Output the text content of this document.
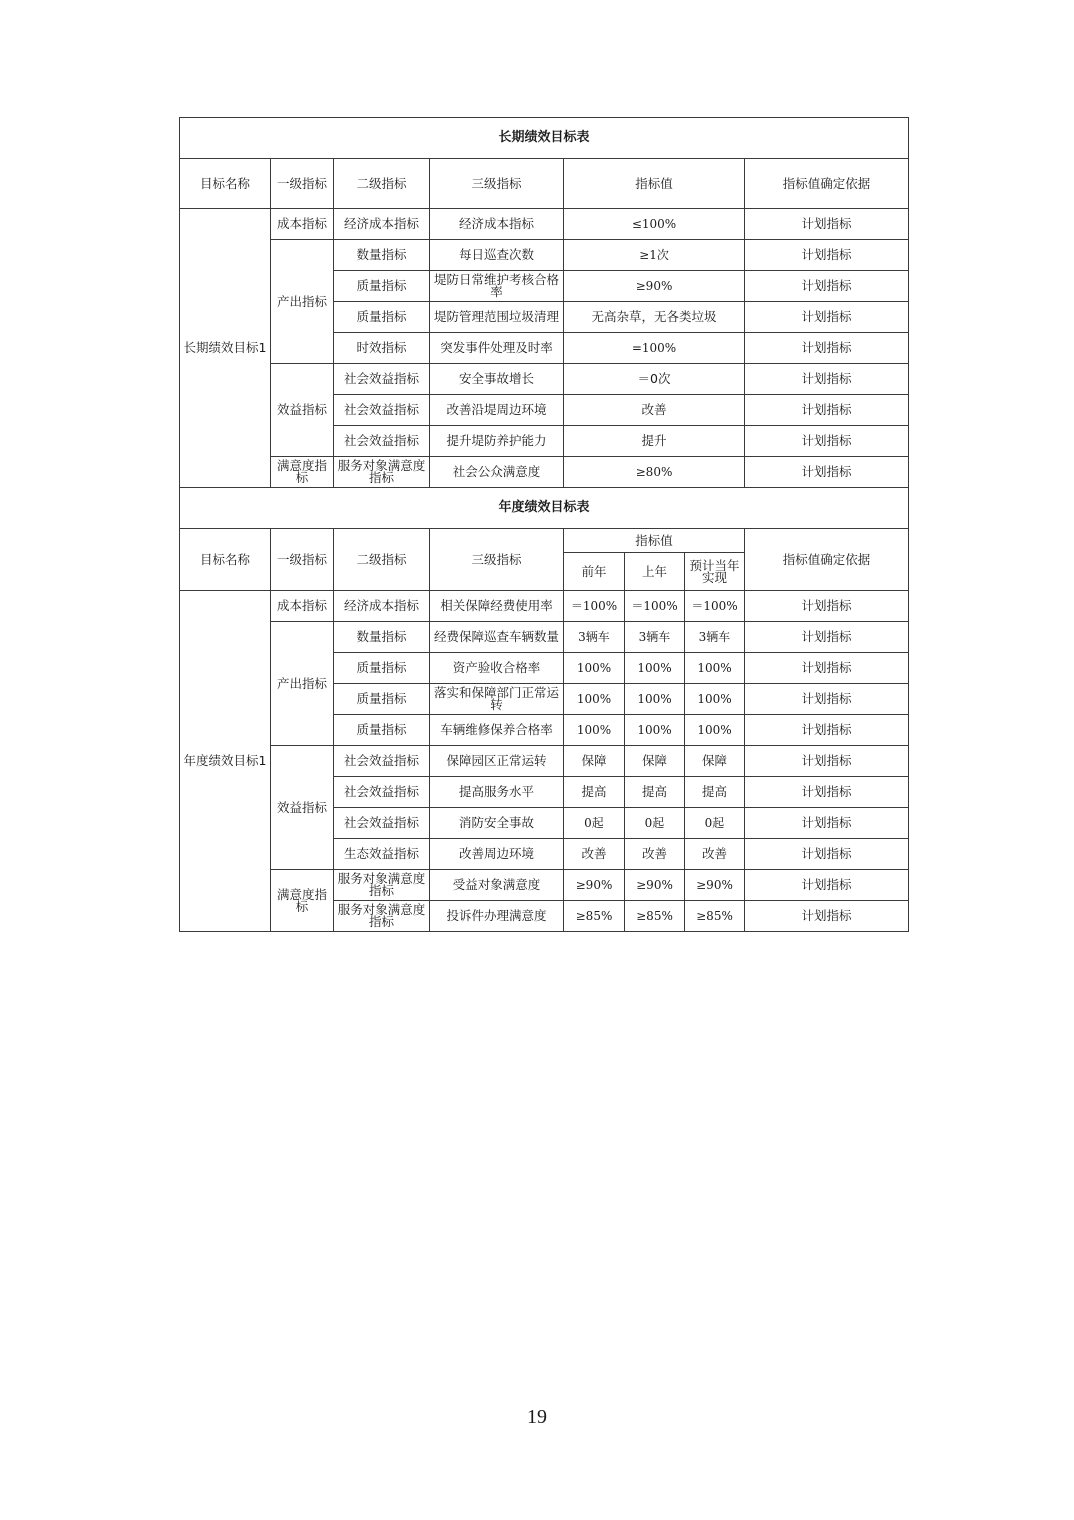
长期绩效目标表							
目标名称	一级指标	二级指标	三级指标	指标值			指标值确定依据
长期绩效目标1	成本指标	经济成本指标	经济成本指标	≤100%			计划指标
	产出指标	数量指标	每日巡查次数	≥1次			计划指标
		质量指标	堤防日常维护考核合格率	≥90%			计划指标
		质量指标	堤防管理范围垃圾清理	无高杂草，无各类垃圾			计划指标
		时效指标	突发事件处理及时率	=100%			计划指标
	效益指标	社会效益指标	安全事故增长	＝0次			计划指标
		社会效益指标	改善沿堤周边环境	改善			计划指标
		社会效益指标	提升堤防养护能力	提升			计划指标
	满意度指标	服务对象满意度指标	社会公众满意度	≥80%			计划指标
年度绩效目标表							
目标名称	一级指标	二级指标	三级指标	指标值			指标值确定依据
				前年	上年	预计当年实现	
年度绩效目标1	成本指标	经济成本指标	相关保障经费使用率	＝100%	＝100%	＝100%	计划指标
	产出指标	数量指标	经费保障巡查车辆数量	3辆车	3辆车	3辆车	计划指标
		质量指标	资产验收合格率	100%	100%	100%	计划指标
		质量指标	落实和保障部门正常运转	100%	100%	100%	计划指标
		质量指标	车辆维修保养合格率	100%	100%	100%	计划指标
	效益指标	社会效益指标	保障园区正常运转	保障	保障	保障	计划指标
		社会效益指标	提高服务水平	提高	提高	提高	计划指标
		社会效益指标	消防安全事故	0起	0起	0起	计划指标
		生态效益指标	改善周边环境	改善	改善	改善	计划指标
	满意度指标	服务对象满意度指标	受益对象满意度	≥90%	≥90%	≥90%	计划指标
		服务对象满意度指标	投诉件办理满意度	≥85%	≥85%	≥85%	计划指标
19
